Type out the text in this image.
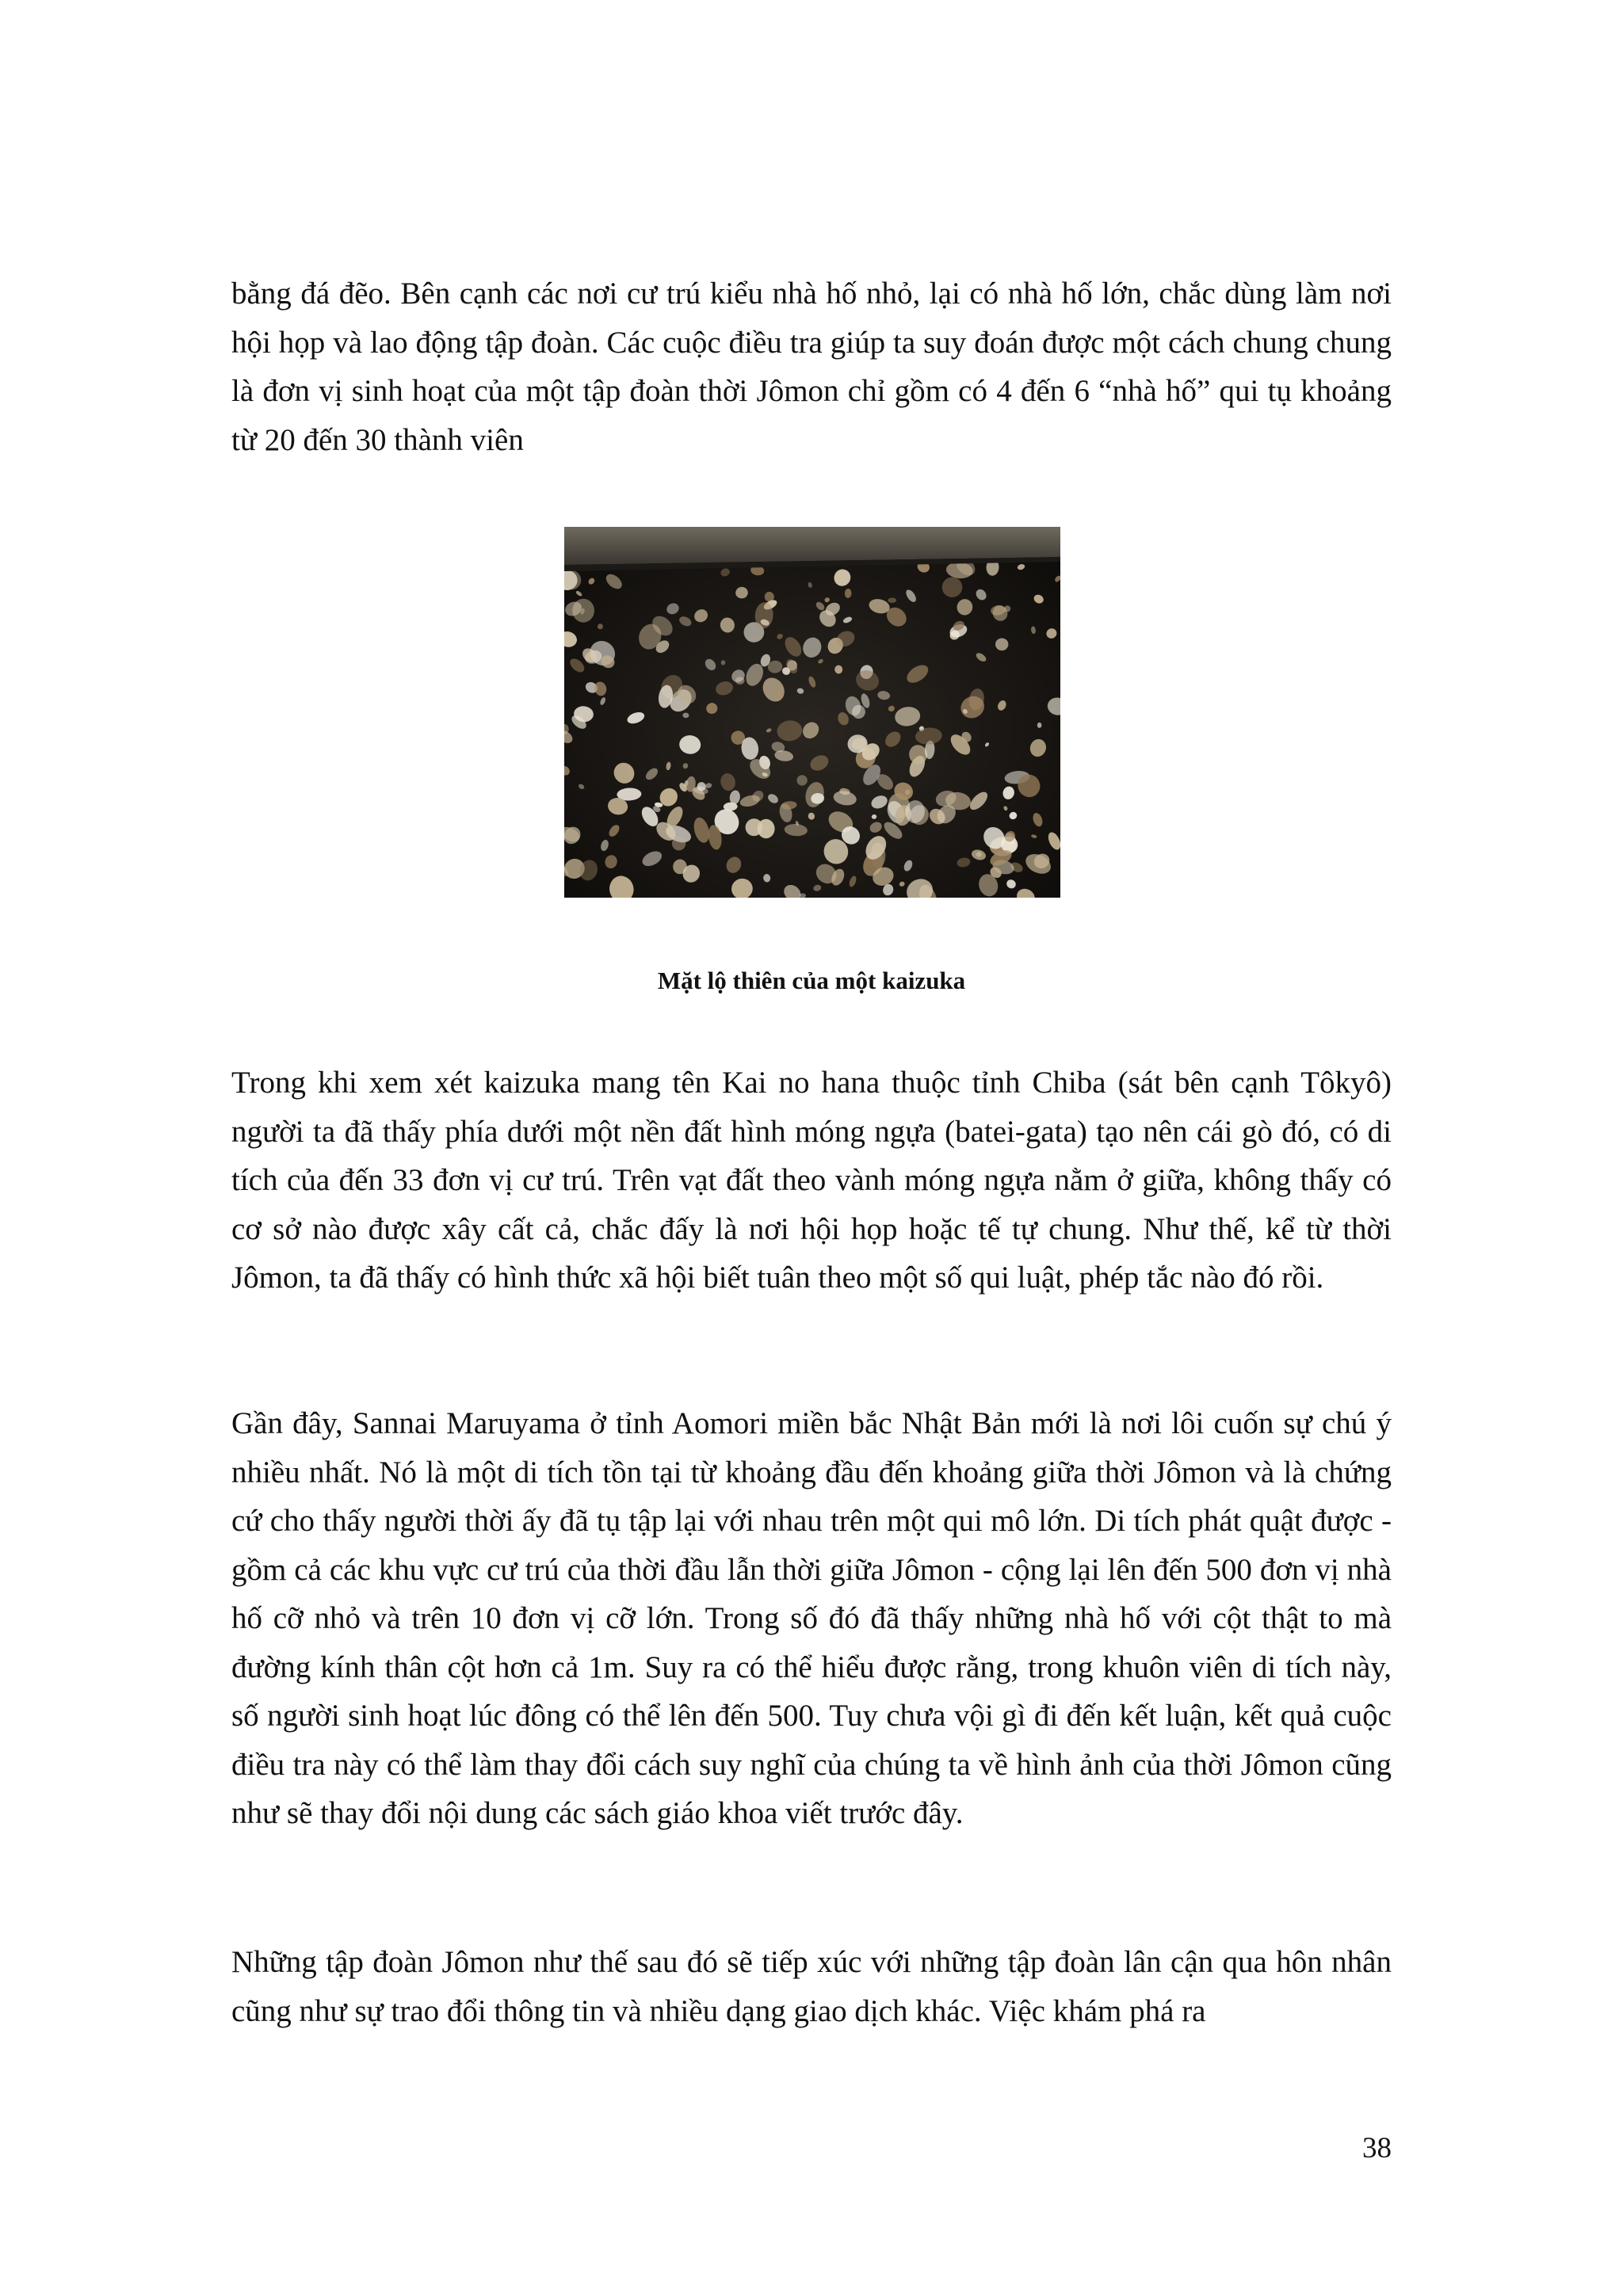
bằng đá đẽo. Bên cạnh các nơi cư trú kiểu nhà hố nhỏ, lại có nhà hố lớn, chắc dùng làm nơi hội họp và lao động tập đoàn. Các cuộc điều tra giúp ta suy đoán được một cách chung chung là đơn vị sinh hoạt của một tập đoàn thời Jômon chỉ gồm có 4 đến 6 “nhà hố” qui tụ khoảng từ 20 đến 30 thành viên

Mặt lộ thiên của một kaizuka

Trong khi xem xét kaizuka mang tên Kai no hana thuộc tỉnh Chiba (sát bên cạnh Tôkyô) người ta đã thấy phía dưới một nền đất hình móng ngựa (batei-gata) tạo nên cái gò đó, có di tích của đến 33 đơn vị cư trú. Trên vạt đất theo vành móng ngựa nằm ở giữa, không thấy có cơ sở nào được xây cất cả, chắc đấy là nơi hội họp hoặc tế tự chung. Như thế, kể từ thời Jômon, ta đã thấy có hình thức xã hội biết tuân theo một số qui luật, phép tắc nào đó rồi.

Gần đây, Sannai Maruyama ở tỉnh Aomori miền bắc Nhật Bản mới là nơi lôi cuốn sự chú ý nhiều nhất. Nó là một di tích tồn tại từ khoảng đầu đến khoảng giữa thời Jômon và là chứng cứ cho thấy người thời ấy đã tụ tập lại với nhau trên một qui mô lớn. Di tích phát quật được - gồm cả các khu vực cư trú của thời đầu lẫn thời giữa Jômon - cộng lại lên đến 500 đơn vị nhà hố cỡ nhỏ và trên 10 đơn vị cỡ lớn. Trong số đó đã thấy những nhà hố với cột thật to mà đường kính thân cột hơn cả 1m. Suy ra có thể hiểu được rằng, trong khuôn viên di tích này, số người sinh hoạt lúc đông có thể lên đến 500. Tuy chưa vội gì đi đến kết luận, kết quả cuộc điều tra này có thể làm thay đổi cách suy nghĩ của chúng ta về hình ảnh của thời Jômon cũng như sẽ thay đổi nội dung các sách giáo khoa viết trước đây.

Những tập đoàn Jômon như thế sau đó sẽ tiếp xúc với những tập đoàn lân cận qua hôn nhân cũng như sự trao đổi thông tin và nhiều dạng giao dịch khác. Việc khám phá ra

38
